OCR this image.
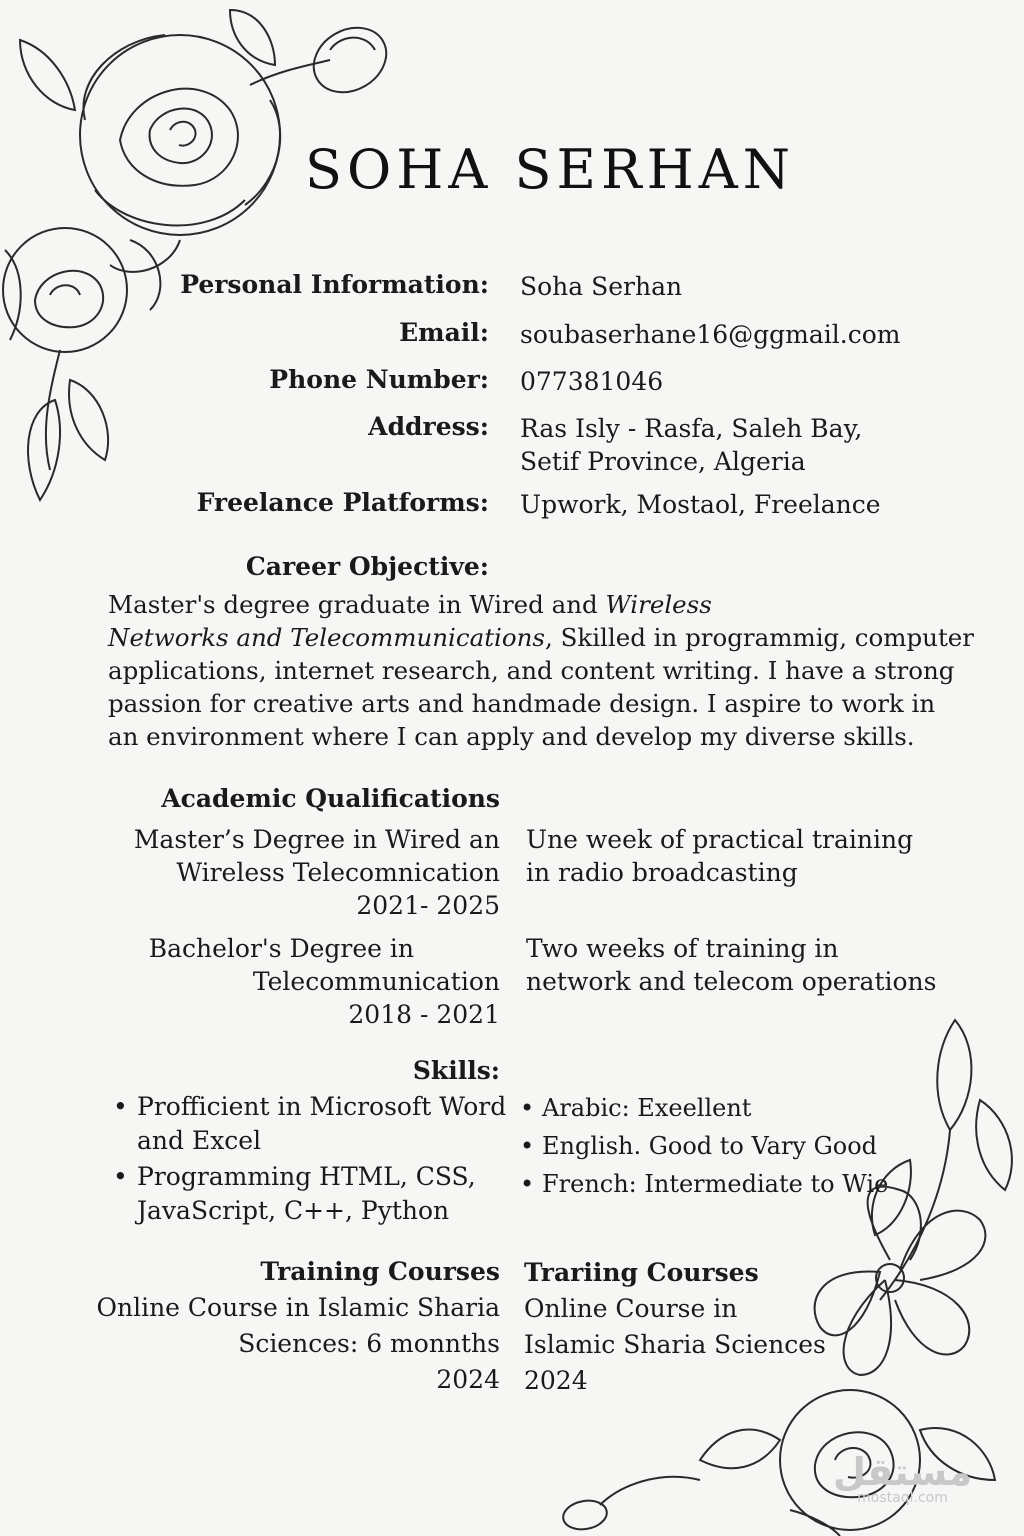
SOHA SERHAN
Personal Information: Soha Serhan
Email: soubaserhane16@ggmail.com
Phone Number: 077381046
Address: Ras Isly - Rasfa, Saleh Bay,
Setif Province, Algeria
Freelance Platforms: Upwork, Mostaol, Freelance
Career Objective:
Master's degree graduate in Wired and Wireless
Networks and Telecommunications, Skilled in programmig, computer
applications, internet research, and content writing. I have a strong
passion for creative arts and handmade design. I aspire to work in
an environment where I can apply and develop my diverse skills.
Academic Qualifications
Master’s Degree in Wired an
Wireless Telecomnication
2021- 2025
Une week of practical training
in radio broadcasting
Bachelor's Degree in
Telecommunication
2018 - 2021
Two weeks of training in
network and telecom operations
Skills:
• Profficient in Microsoft Word
and Excel
• Programming HTML, CSS,
JavaScript, C++, Python
• Arabic: Exeellent
• English. Good to Vary Good
• French: Intermediate to Wie
Training Courses
Online Course in Islamic Sharia
Sciences: 6 monnths
2024
Trariing Courses
Online Course in
Islamic Sharia Sciences
2024
مستقل
mostaql.com
